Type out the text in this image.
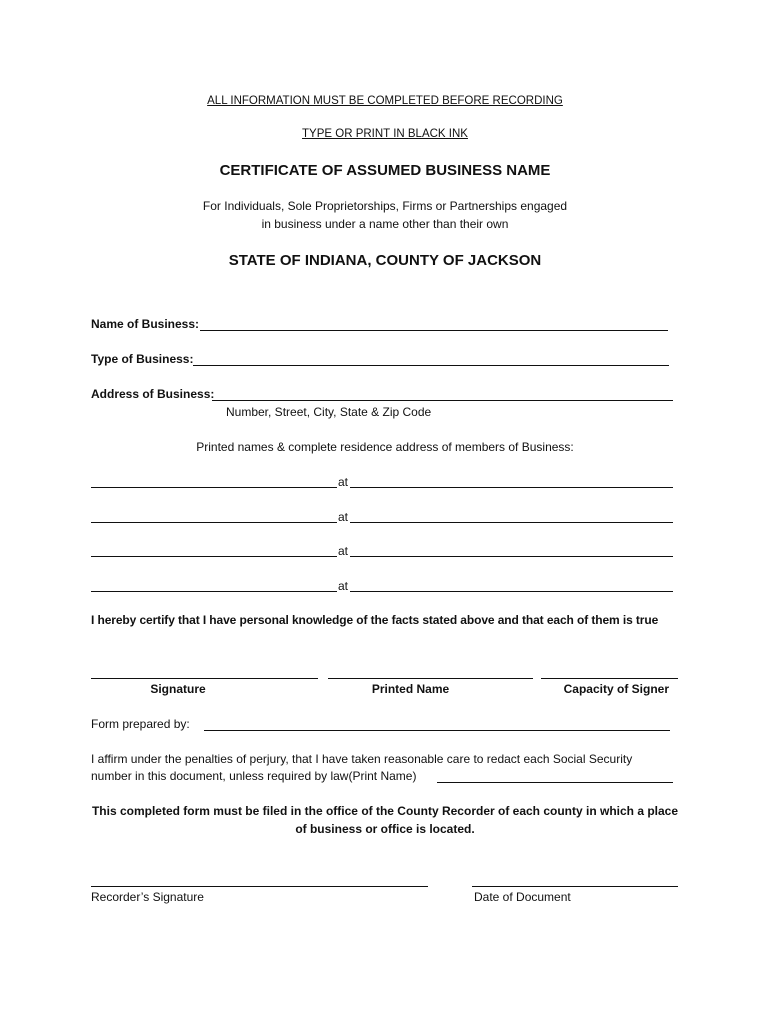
ALL INFORMATION MUST BE COMPLETED BEFORE RECORDING
TYPE OR PRINT IN BLACK INK
CERTIFICATE OF ASSUMED BUSINESS NAME
For Individuals, Sole Proprietorships, Firms or Partnerships engaged
in business under a name other than their own
STATE OF INDIANA, COUNTY OF JACKSON
Name of Business:
Type of Business:
Address of Business:
Number, Street, City, State & Zip Code
Printed names & complete residence address of members of Business:
at
at
at
at
I hereby certify that I have personal knowledge of the facts stated above and that each of them is true
Signature	Printed Name	Capacity of Signer
Form prepared by:
I affirm under the penalties of perjury, that I have taken reasonable care to redact each Social Security
number in this document, unless required by law(Print Name)
This completed form must be filed in the office of the County Recorder of each county in which a place
of business or office is located.
Recorder’s Signature	Date of Document
